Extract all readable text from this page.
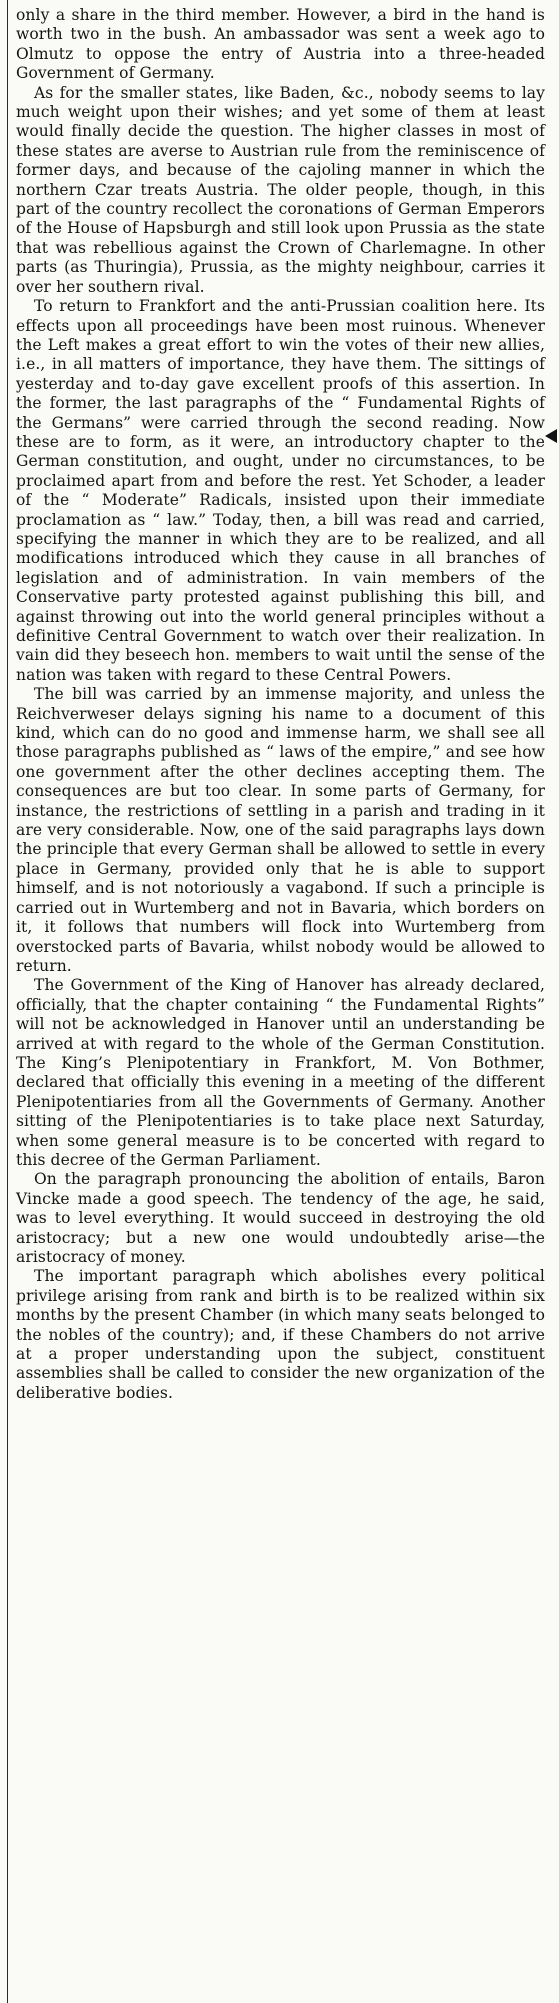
only a share in the third member. However, a bird in the hand is worth two in the bush. An ambassador was sent a week ago to Olmutz to oppose the entry of Austria into a three-headed Government of Germany.

As for the smaller states, like Baden, &c., nobody seems to lay much weight upon their wishes; and yet some of them at least would finally decide the question. The higher classes in most of these states are averse to Austrian rule from the reminiscence of former days, and because of the cajoling manner in which the northern Czar treats Austria. The older people, though, in this part of the country recollect the coronations of German Emperors of the House of Hapsburgh and still look upon Prussia as the state that was rebellious against the Crown of Charlemagne. In other parts (as Thuringia), Prussia, as the mighty neighbour, carries it over her southern rival.

To return to Frankfort and the anti-Prussian coalition here. Its effects upon all proceedings have been most ruinous. Whenever the Left makes a great effort to win the votes of their new allies, i.e., in all matters of importance, they have them. The sittings of yesterday and to-day gave excellent proofs of this assertion. In the former, the last paragraphs of the “ Fundamental Rights of the Germans” were carried through the second reading. Now these are to form, as it were, an introductory chapter to the German constitution, and ought, under no circumstances, to be proclaimed apart from and before the rest. Yet Schoder, a leader of the “ Moderate” Radicals, insisted upon their immediate proclamation as “ law.” Today, then, a bill was read and carried, specifying the manner in which they are to be realized, and all modifications introduced which they cause in all branches of legislation and of administration. In vain members of the Conservative party protested against publishing this bill, and against throwing out into the world general principles without a definitive Central Government to watch over their realization. In vain did they beseech hon. members to wait until the sense of the nation was taken with regard to these Central Powers.

The bill was carried by an immense majority, and unless the Reichverweser delays signing his name to a document of this kind, which can do no good and immense harm, we shall see all those paragraphs published as “ laws of the empire,” and see how one government after the other declines accepting them. The consequences are but too clear. In some parts of Germany, for instance, the restrictions of settling in a parish and trading in it are very considerable. Now, one of the said paragraphs lays down the principle that every German shall be allowed to settle in every place in Germany, provided only that he is able to support himself, and is not notoriously a vagabond. If such a principle is carried out in Wurtemberg and not in Bavaria, which borders on it, it follows that numbers will flock into Wurtemberg from overstocked parts of Bavaria, whilst nobody would be allowed to return.

The Government of the King of Hanover has already declared, officially, that the chapter containing “ the Fundamental Rights” will not be acknowledged in Hanover until an understanding be arrived at with regard to the whole of the German Constitution. The King’s Plenipotentiary in Frankfort, M. Von Bothmer, declared that officially this evening in a meeting of the different Plenipotentiaries from all the Governments of Germany. Another sitting of the Plenipotentiaries is to take place next Saturday, when some general measure is to be concerted with regard to this decree of the German Parliament.

On the paragraph pronouncing the abolition of entails, Baron Vincke made a good speech. The tendency of the age, he said, was to level everything. It would succeed in destroying the old aristocracy; but a new one would undoubtedly arise—the aristocracy of money.

The important paragraph which abolishes every political privilege arising from rank and birth is to be realized within six months by the present Chamber (in which many seats belonged to the nobles of the country); and, if these Chambers do not arrive at a proper understanding upon the subject, constituent assemblies shall be called to consider the new organization of the deliberative bodies.
